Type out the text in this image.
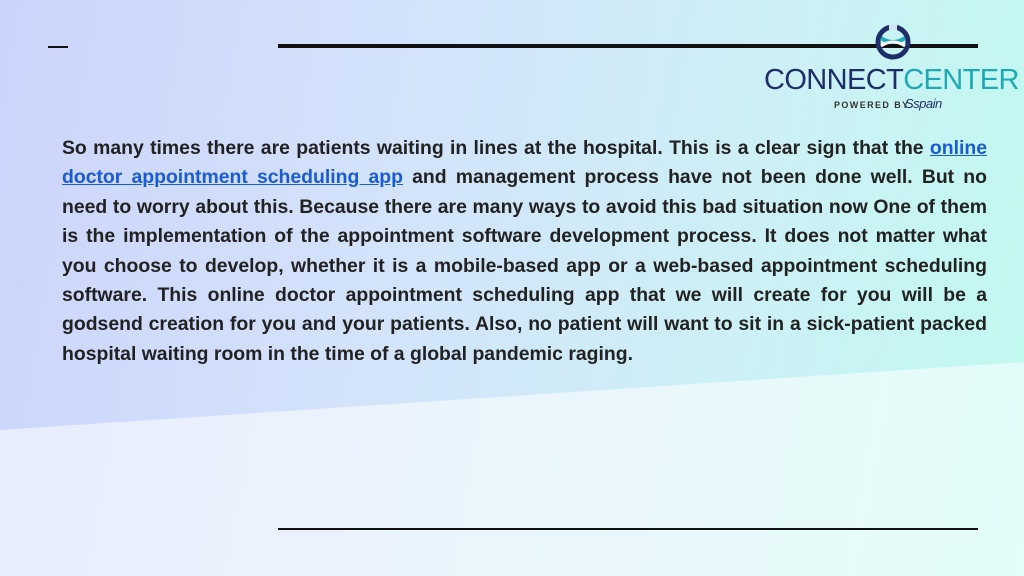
CONNECTCENTER
POWERED BY
Sspain

So many times there are patients waiting in lines at the hospital. This is a clear sign that the online doctor appointment scheduling app and management process have not been done well. But no need to worry about this. Because there are many ways to avoid this bad situation now One of them is the implementation of the appointment software development process. It does not matter what you choose to develop, whether it is a mobile-based app or a web-based appointment scheduling software. This online doctor appointment scheduling app that we will create for you will be a godsend creation for you and your patients. Also, no patient will want to sit in a sick-patient packed hospital waiting room in the time of a global pandemic raging.
